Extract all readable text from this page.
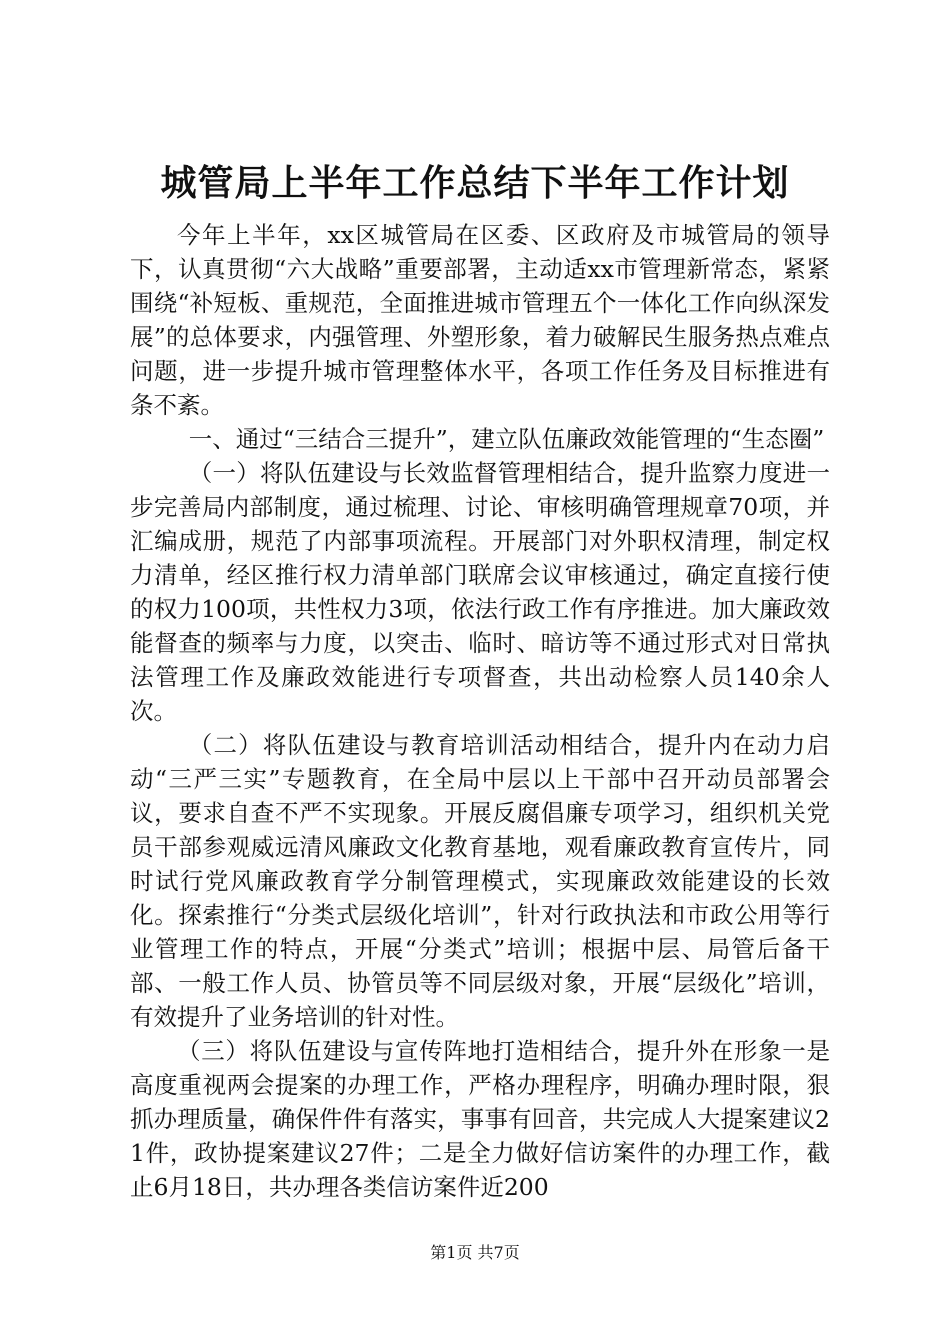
城管局上半年工作总结下半年工作计划

今年上半年，xx区城管局在区委、区政府及市城管局的领导下，认真贯彻“六大战略”重要部署，主动适xx市管理新常态，紧紧围绕“补短板、重规范，全面推进城市管理五个一体化工作向纵深发展”的总体要求，内强管理、外塑形象，着力破解民生服务热点难点问题，进一步提升城市管理整体水平，各项工作任务及目标推进有条不紊。

一、通过“三结合三提升”，建立队伍廉政效能管理的“生态圈”

（一）将队伍建设与长效监督管理相结合，提升监察力度进一步完善局内部制度，通过梳理、讨论、审核明确管理规章70项，并汇编成册，规范了内部事项流程。开展部门对外职权清理，制定权力清单，经区推行权力清单部门联席会议审核通过，确定直接行使的权力100项，共性权力3项，依法行政工作有序推进。加大廉政效能督查的频率与力度，以突击、临时、暗访等不通过形式对日常执法管理工作及廉政效能进行专项督查，共出动检察人员140余人次。

（二）将队伍建设与教育培训活动相结合，提升内在动力启动“三严三实”专题教育，在全局中层以上干部中召开动员部署会议，要求自查不严不实现象。开展反腐倡廉专项学习，组织机关党员干部参观威远清风廉政文化教育基地，观看廉政教育宣传片，同时试行党风廉政教育学分制管理模式，实现廉政效能建设的长效化。探索推行“分类式层级化培训”，针对行政执法和市政公用等行业管理工作的特点，开展“分类式”培训；根据中层、局管后备干部、一般工作人员、协管员等不同层级对象，开展“层级化”培训，有效提升了业务培训的针对性。

（三）将队伍建设与宣传阵地打造相结合，提升外在形象一是高度重视两会提案的办理工作，严格办理程序，明确办理时限，狠抓办理质量，确保件件有落实，事事有回音，共完成人大提案建议21件，政协提案建议27件；二是全力做好信访案件的办理工作，截止6月18日，共办理各类信访案件近200

第1页 共7页
